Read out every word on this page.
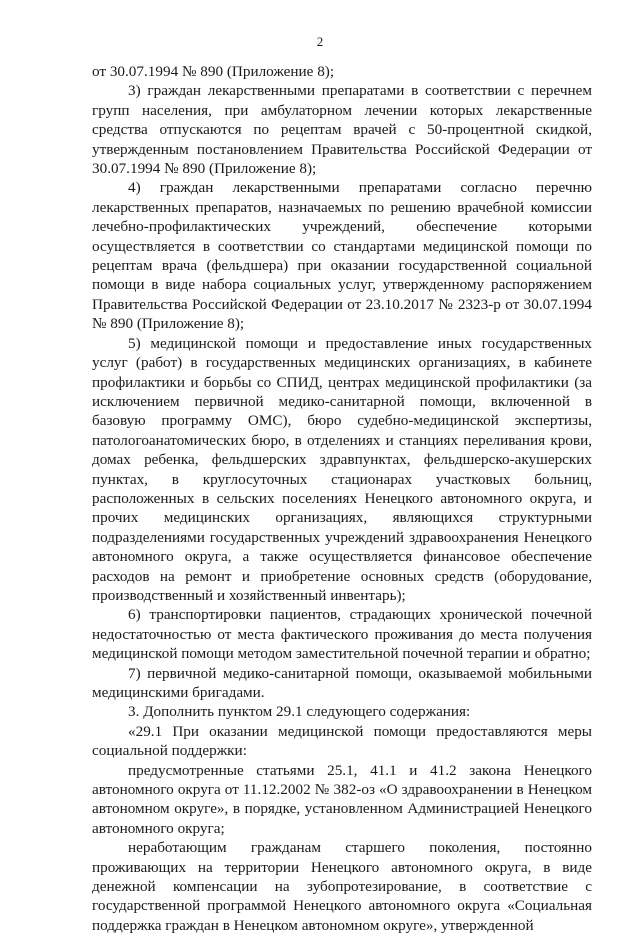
2

от 30.07.1994 № 890 (Приложение 8);

3) граждан лекарственными препаратами в соответствии с перечнем групп населения, при амбулаторном лечении которых лекарственные средства отпускаются по рецептам врачей с 50-процентной скидкой, утвержденным постановлением Правительства Российской Федерации от 30.07.1994 № 890 (Приложение 8);

4) граждан лекарственными препаратами согласно перечню лекарственных препаратов, назначаемых по решению врачебной комиссии лечебно-профилактических учреждений, обеспечение которыми осуществляется в соответствии со стандартами медицинской помощи по рецептам врача (фельдшера) при оказании государственной социальной помощи в виде набора социальных услуг, утвержденному распоряжением Правительства Российской Федерации от 23.10.2017 № 2323-р от 30.07.1994 № 890 (Приложение 8);

5) медицинской помощи и предоставление иных государственных услуг (работ) в государственных медицинских организациях, в кабинете профилактики и борьбы со СПИД, центрах медицинской профилактики (за исключением первичной медико-санитарной помощи, включенной в базовую программу ОМС), бюро судебно-медицинской экспертизы, патологоанатомических бюро, в отделениях и станциях переливания крови, домах ребенка, фельдшерских здравпунктах, фельдшерско-акушерских пунктах, в круглосуточных стационарах участковых больниц, расположенных в сельских поселениях Ненецкого автономного округа, и прочих медицинских организациях, являющихся структурными подразделениями государственных учреждений здравоохранения Ненецкого автономного округа, а также осуществляется финансовое обеспечение расходов на ремонт и приобретение основных средств (оборудование, производственный и хозяйственный инвентарь);

6) транспортировки пациентов, страдающих хронической почечной недостаточностью от места фактического проживания до места получения медицинской помощи методом заместительной почечной терапии и обратно;

7) первичной медико-санитарной помощи, оказываемой мобильными медицинскими бригадами.

3. Дополнить пунктом 29.1 следующего содержания:

«29.1 При оказании медицинской помощи предоставляются меры социальной поддержки:

предусмотренные статьями 25.1, 41.1 и 41.2 закона Ненецкого автономного округа от 11.12.2002 № 382-оз «О здравоохранении в Ненецком автономном округе», в порядке, установленном Администрацией Ненецкого автономного округа;

неработающим гражданам старшего поколения, постоянно проживающих на территории Ненецкого автономного округа, в виде денежной компенсации на зубопротезирование, в соответствие с государственной программой Ненецкого автономного округа «Социальная поддержка граждан в Ненецком автономном округе», утвержденной
